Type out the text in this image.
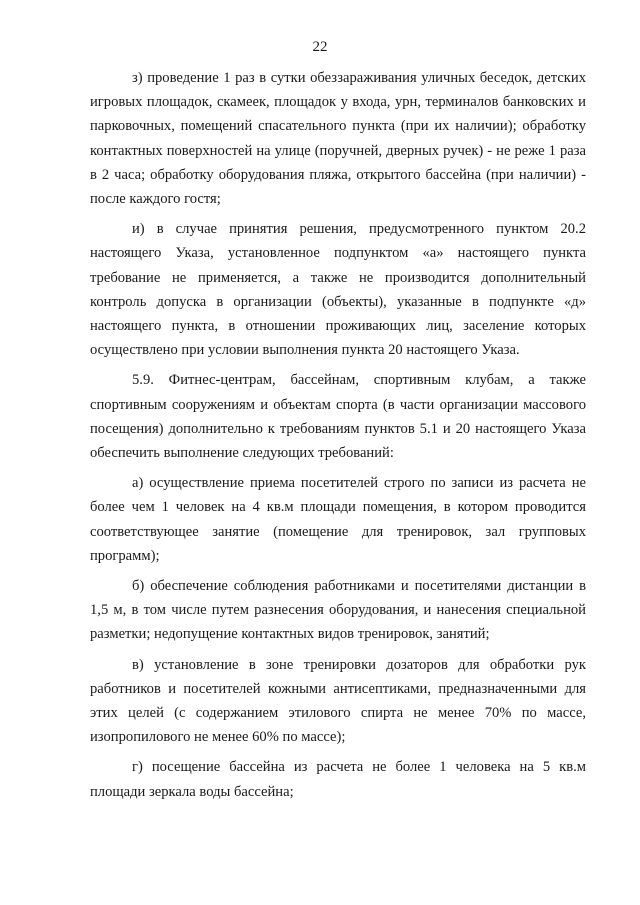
22

з) проведение 1 раз в сутки обеззараживания уличных беседок, детских игровых площадок, скамеек, площадок у входа, урн, терминалов банковских и парковочных, помещений спасательного пункта (при их наличии); обработку контактных поверхностей на улице (поручней, дверных ручек) - не реже 1 раза в 2 часа; обработку оборудования пляжа, открытого бассейна (при наличии) - после каждого гостя;

и) в случае принятия решения, предусмотренного пунктом 20.2 настоящего Указа, установленное подпунктом «а» настоящего пункта требование не применяется, а также не производится дополнительный контроль допуска в организации (объекты), указанные в подпункте «д» настоящего пункта, в отношении проживающих лиц, заселение которых осуществлено при условии выполнения пункта 20 настоящего Указа.

5.9. Фитнес-центрам, бассейнам, спортивным клубам, а также спортивным сооружениям и объектам спорта (в части организации массового посещения) дополнительно к требованиям пунктов 5.1 и 20 настоящего Указа обеспечить выполнение следующих требований:

а) осуществление приема посетителей строго по записи из расчета не более чем 1 человек на 4 кв.м площади помещения, в котором проводится соответствующее занятие (помещение для тренировок, зал групповых программ);

б) обеспечение соблюдения работниками и посетителями дистанции в 1,5 м, в том числе путем разнесения оборудования, и нанесения специальной разметки; недопущение контактных видов тренировок, занятий;

в) установление в зоне тренировки дозаторов для обработки рук работников и посетителей кожными антисептиками, предназначенными для этих целей (с содержанием этилового спирта не менее 70% по массе, изопропилового не менее 60% по массе);

г) посещение бассейна из расчета не более 1 человека на 5 кв.м площади зеркала воды бассейна;
